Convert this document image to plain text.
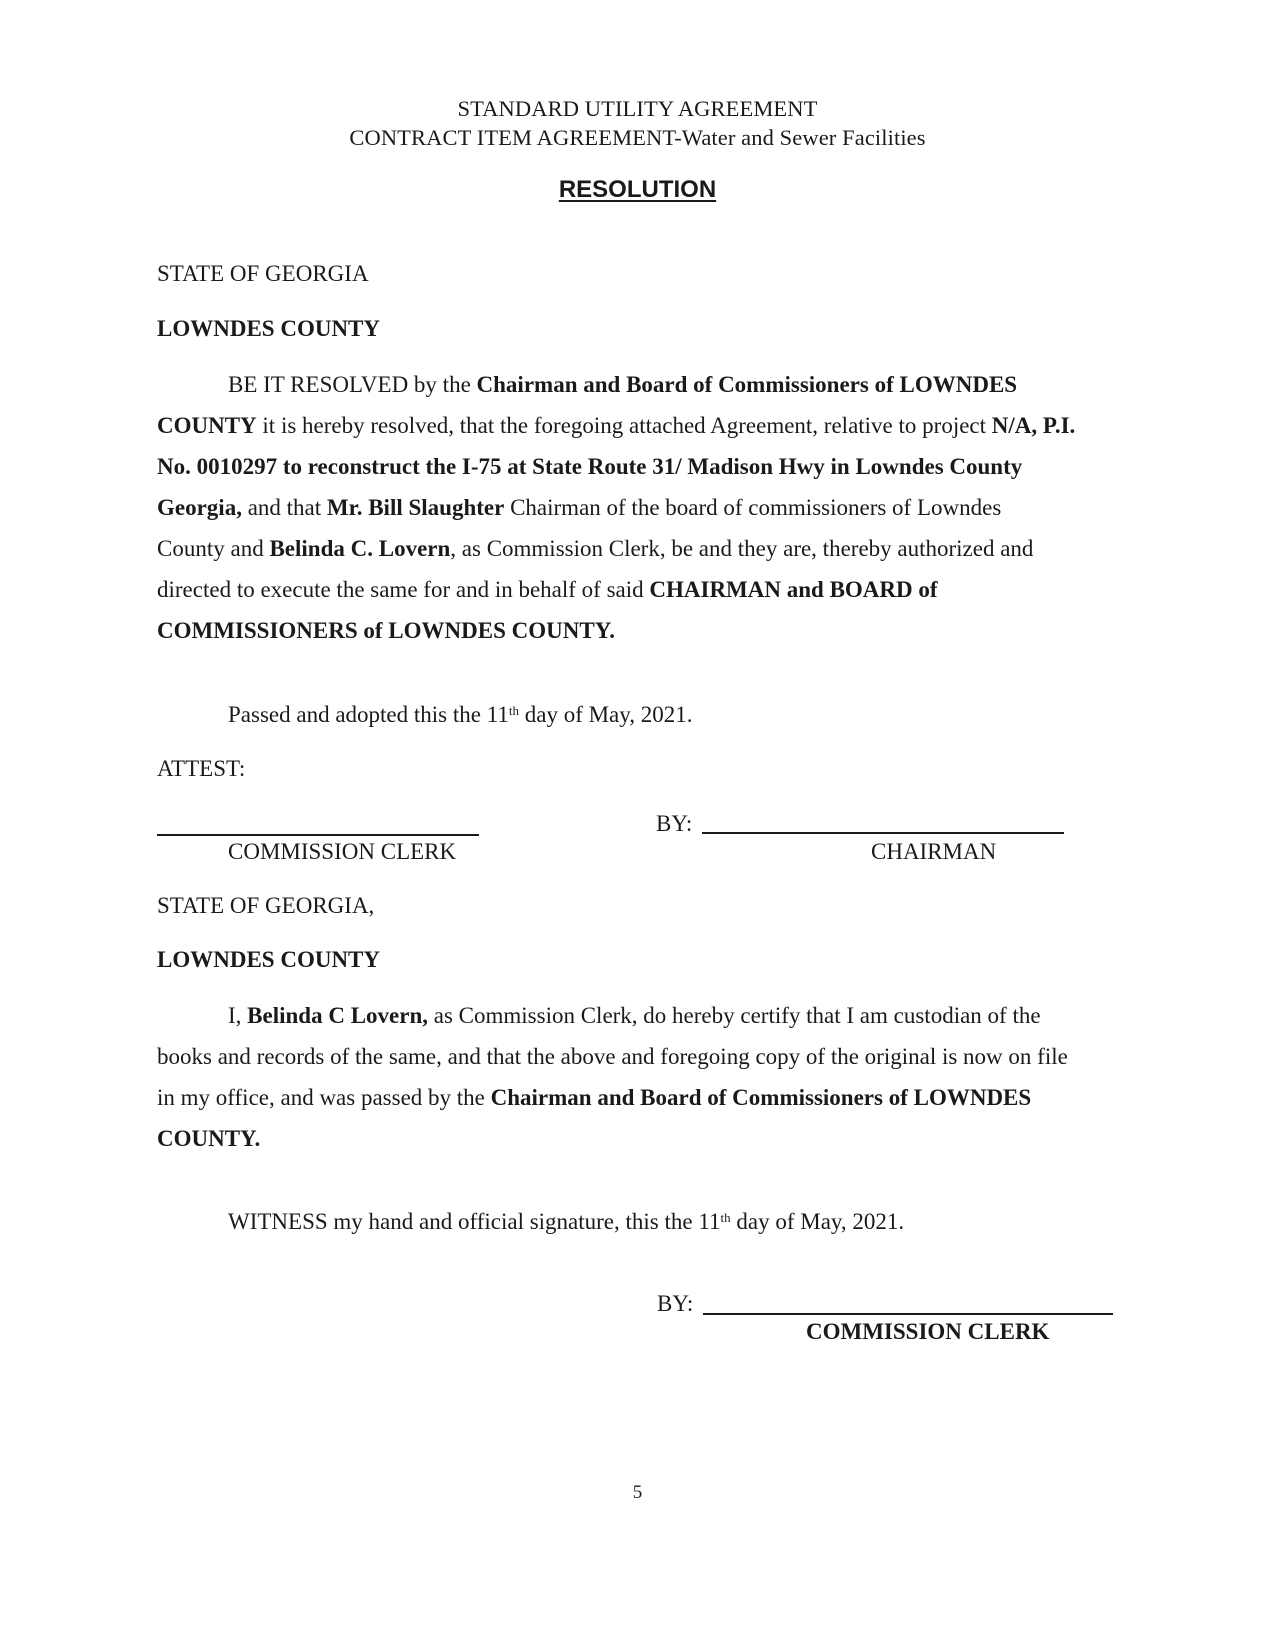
STANDARD UTILITY AGREEMENT
CONTRACT ITEM AGREEMENT-Water and Sewer Facilities
RESOLUTION
STATE OF GEORGIA
LOWNDES COUNTY
BE IT RESOLVED by the Chairman and Board of Commissioners of LOWNDES
COUNTY it is hereby resolved, that the foregoing attached Agreement, relative to project N/A, P.I.
No. 0010297 to reconstruct the I-75 at State Route 31/ Madison Hwy in Lowndes County
Georgia, and that Mr. Bill Slaughter Chairman of the board of commissioners of Lowndes
County and Belinda C. Lovern, as Commission Clerk, be and they are, thereby authorized and
directed to execute the same for and in behalf of said CHAIRMAN and BOARD of
COMMISSIONERS of LOWNDES COUNTY.
Passed and adopted this the 11th day of May, 2021.
ATTEST:
COMMISSION CLERK
BY:
CHAIRMAN
STATE OF GEORGIA,
LOWNDES COUNTY
I, Belinda C Lovern, as Commission Clerk, do hereby certify that I am custodian of the
books and records of the same, and that the above and foregoing copy of the original is now on file
in my office, and was passed by the Chairman and Board of Commissioners of LOWNDES
COUNTY.
WITNESS my hand and official signature, this the 11th day of May, 2021.
BY:
COMMISSION CLERK
5
